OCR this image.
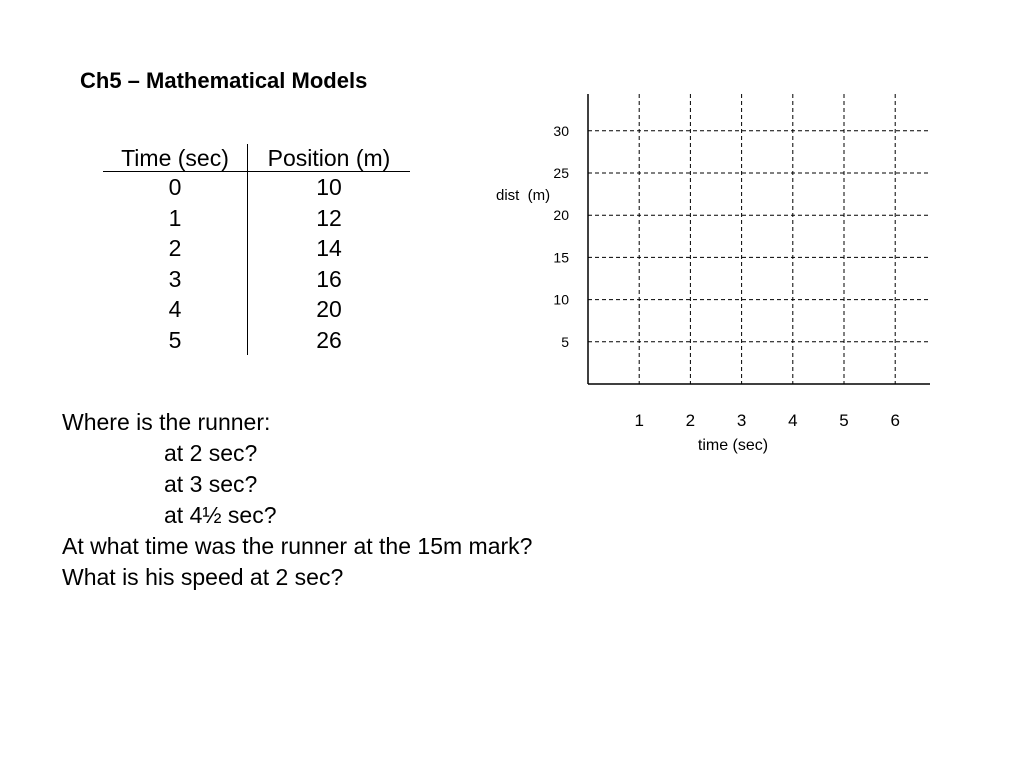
Ch5 – Mathematical Models
Time (sec)	Position (m)
0	10
1	12
2	14
3	16
4	20
5	26
Where is the runner:
at 2 sec?
at 3 sec?
at 4½ sec?
At what time was the runner at the 15m mark?
What is his speed at 2 sec?
5
10
15
20
25
30
1 2 3 4 5 6
dist  (m)
time (sec)
